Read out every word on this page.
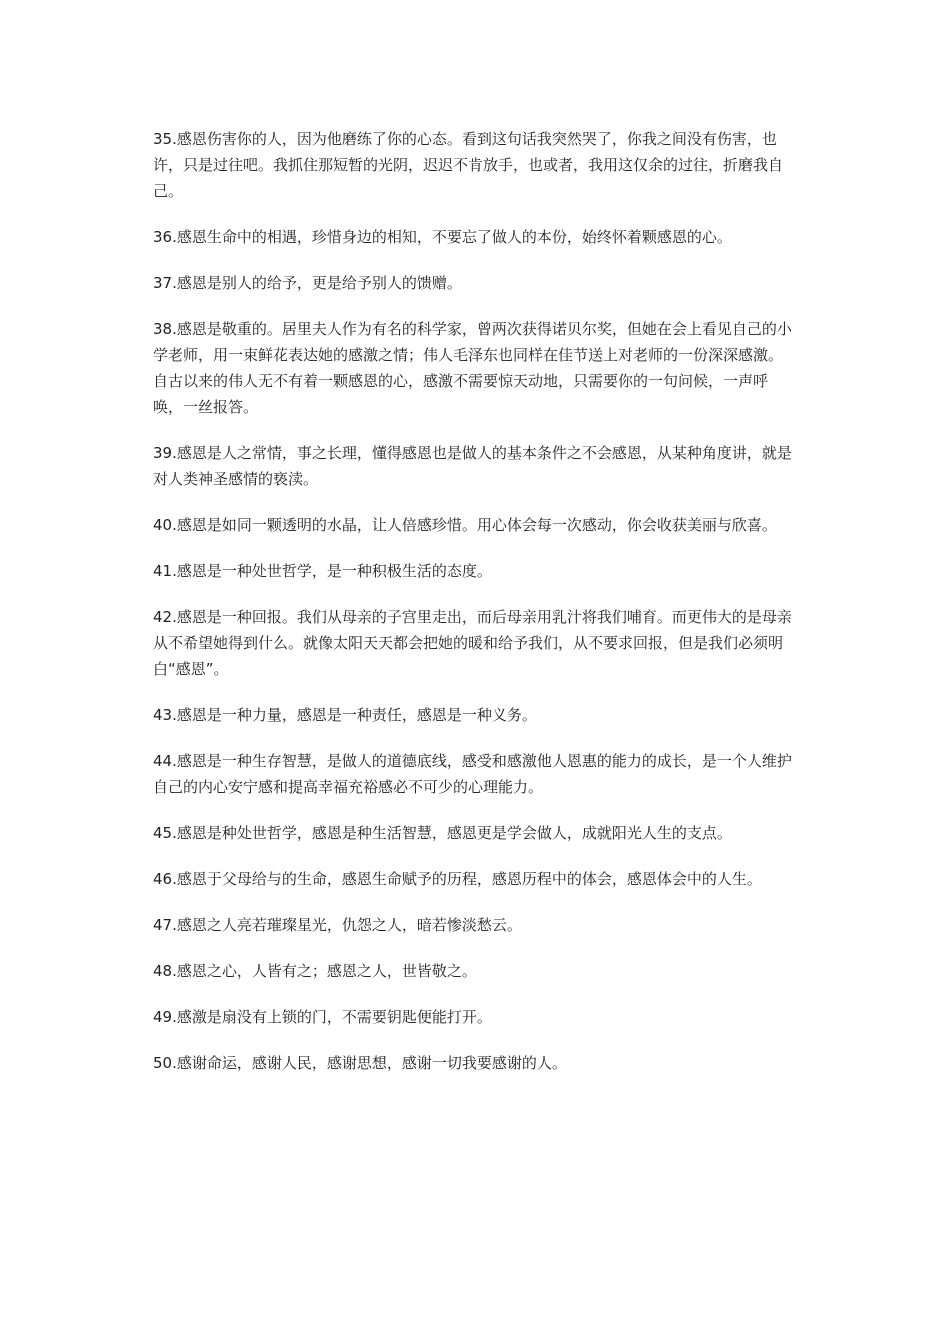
35.感恩伤害你的人，因为他磨练了你的心态。看到这句话我突然哭了，你我之间没有伤害，也许，只是过往吧。我抓住那短暂的光阴，迟迟不肯放手，也或者，我用这仅余的过往，折磨我自己。

36.感恩生命中的相遇，珍惜身边的相知，不要忘了做人的本份，始终怀着颗感恩的心。

37.感恩是别人的给予，更是给予别人的馈赠。

38.感恩是敬重的。居里夫人作为有名的科学家，曾两次获得诺贝尔奖，但她在会上看见自己的小学老师，用一束鲜花表达她的感激之情；伟人毛泽东也同样在佳节送上对老师的一份深深感激。自古以来的伟人无不有着一颗感恩的心，感激不需要惊天动地，只需要你的一句问候，一声呼唤，一丝报答。

39.感恩是人之常情，事之长理，懂得感恩也是做人的基本条件之不会感恩，从某种角度讲，就是对人类神圣感情的亵渎。

40.感恩是如同一颗透明的水晶，让人倍感珍惜。用心体会每一次感动，你会收获美丽与欣喜。

41.感恩是一种处世哲学，是一种积极生活的态度。

42.感恩是一种回报。我们从母亲的子宫里走出，而后母亲用乳汁将我们哺育。而更伟大的是母亲从不希望她得到什么。就像太阳天天都会把她的暖和给予我们，从不要求回报，但是我们必须明白“感恩”。

43.感恩是一种力量，感恩是一种责任，感恩是一种义务。

44.感恩是一种生存智慧，是做人的道德底线，感受和感激他人恩惠的能力的成长，是一个人维护自己的内心安宁感和提高幸福充裕感必不可少的心理能力。

45.感恩是种处世哲学，感恩是种生活智慧，感恩更是学会做人，成就阳光人生的支点。

46.感恩于父母给与的生命，感恩生命赋予的历程，感恩历程中的体会，感恩体会中的人生。

47.感恩之人亮若璀璨星光，仇怨之人，暗若惨淡愁云。

48.感恩之心，人皆有之；感恩之人，世皆敬之。

49.感激是扇没有上锁的门，不需要钥匙便能打开。

50.感谢命运，感谢人民，感谢思想，感谢一切我要感谢的人。
